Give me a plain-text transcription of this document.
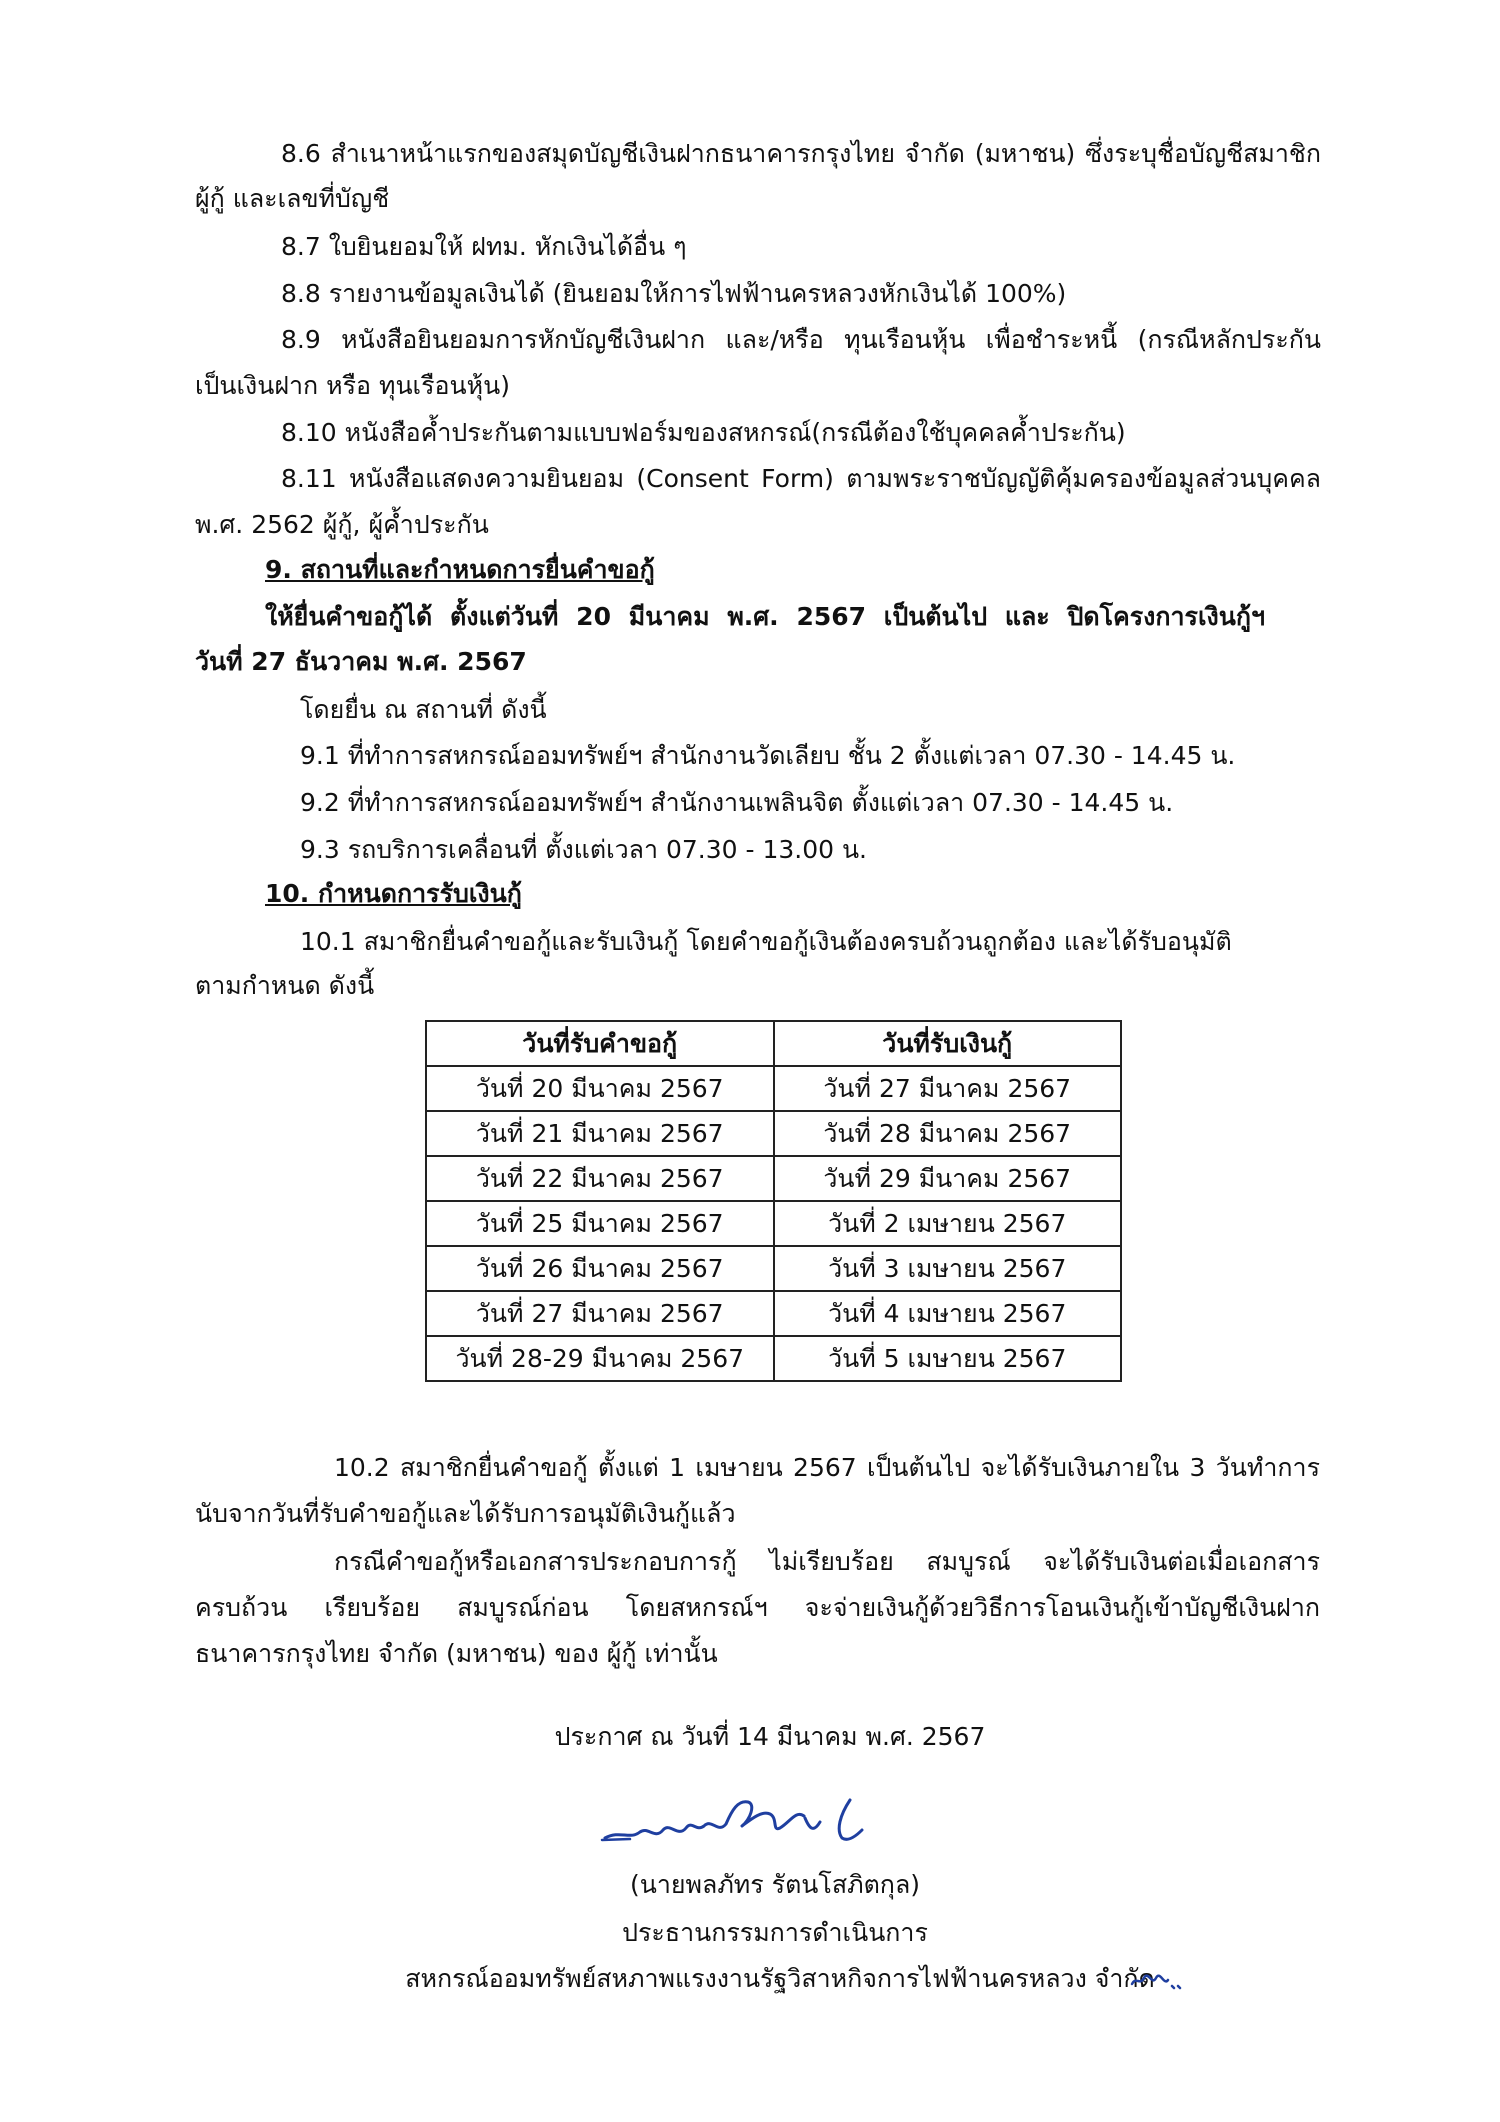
8.6 สำเนาหน้าแรกของสมุดบัญชีเงินฝากธนาคารกรุงไทย จำกัด (มหาชน) ซึ่งระบุชื่อบัญชีสมาชิก
ผู้กู้ และเลขที่บัญชี
8.7 ใบยินยอมให้ ฝทม. หักเงินได้อื่น ๆ
8.8 รายงานข้อมูลเงินได้ (ยินยอมให้การไฟฟ้านครหลวงหักเงินได้ 100%)
8.9 หนังสือยินยอมการหักบัญชีเงินฝาก และ/หรือ ทุนเรือนหุ้น เพื่อชำระหนี้ (กรณีหลักประกัน
เป็นเงินฝาก หรือ ทุนเรือนหุ้น)
8.10 หนังสือค้ำประกันตามแบบฟอร์มของสหกรณ์(กรณีต้องใช้บุคคลค้ำประกัน)
8.11 หนังสือแสดงความยินยอม (Consent Form) ตามพระราชบัญญัติคุ้มครองข้อมูลส่วนบุคคล
พ.ศ. 2562 ผู้กู้, ผู้ค้ำประกัน
9. สถานที่และกำหนดการยื่นคำขอกู้
ให้ยื่นคำขอกู้ได้ ตั้งแต่วันที่ 20 มีนาคม พ.ศ. 2567 เป็นต้นไป และ ปิดโครงการเงินกู้ฯ
วันที่ 27 ธันวาคม พ.ศ. 2567
โดยยื่น ณ สถานที่ ดังนี้
9.1 ที่ทำการสหกรณ์ออมทรัพย์ฯ สำนักงานวัดเลียบ ชั้น 2 ตั้งแต่เวลา 07.30 - 14.45 น.
9.2 ที่ทำการสหกรณ์ออมทรัพย์ฯ สำนักงานเพลินจิต ตั้งแต่เวลา 07.30 - 14.45 น.
9.3 รถบริการเคลื่อนที่ ตั้งแต่เวลา 07.30 - 13.00 น.
10. กำหนดการรับเงินกู้
10.1 สมาชิกยื่นคำขอกู้และรับเงินกู้ โดยคำขอกู้เงินต้องครบถ้วนถูกต้อง และได้รับอนุมัติ
ตามกำหนด ดังนี้
วันที่รับคำขอกู้	วันที่รับเงินกู้
วันที่ 20 มีนาคม 2567	วันที่ 27 มีนาคม 2567
วันที่ 21 มีนาคม 2567	วันที่ 28 มีนาคม 2567
วันที่ 22 มีนาคม 2567	วันที่ 29 มีนาคม 2567
วันที่ 25 มีนาคม 2567	วันที่ 2 เมษายน 2567
วันที่ 26 มีนาคม 2567	วันที่ 3 เมษายน 2567
วันที่ 27 มีนาคม 2567	วันที่ 4 เมษายน 2567
วันที่ 28-29 มีนาคม 2567	วันที่ 5 เมษายน 2567
10.2 สมาชิกยื่นคำขอกู้ ตั้งแต่ 1 เมษายน 2567 เป็นต้นไป จะได้รับเงินภายใน 3 วันทำการ
นับจากวันที่รับคำขอกู้และได้รับการอนุมัติเงินกู้แล้ว
กรณีคำขอกู้หรือเอกสารประกอบการกู้ ไม่เรียบร้อย สมบูรณ์ จะได้รับเงินต่อเมื่อเอกสาร
ครบถ้วน เรียบร้อย สมบูรณ์ก่อน โดยสหกรณ์ฯ จะจ่ายเงินกู้ด้วยวิธีการโอนเงินกู้เข้าบัญชีเงินฝาก
ธนาคารกรุงไทย จำกัด (มหาชน) ของ ผู้กู้ เท่านั้น
ประกาศ ณ วันที่ 14 มีนาคม พ.ศ. 2567
(นายพลภัทร รัตนโสภิตกุล)
ประธานกรรมการดำเนินการ
สหกรณ์ออมทรัพย์สหภาพแรงงานรัฐวิสาหกิจการไฟฟ้านครหลวง จำกัด
